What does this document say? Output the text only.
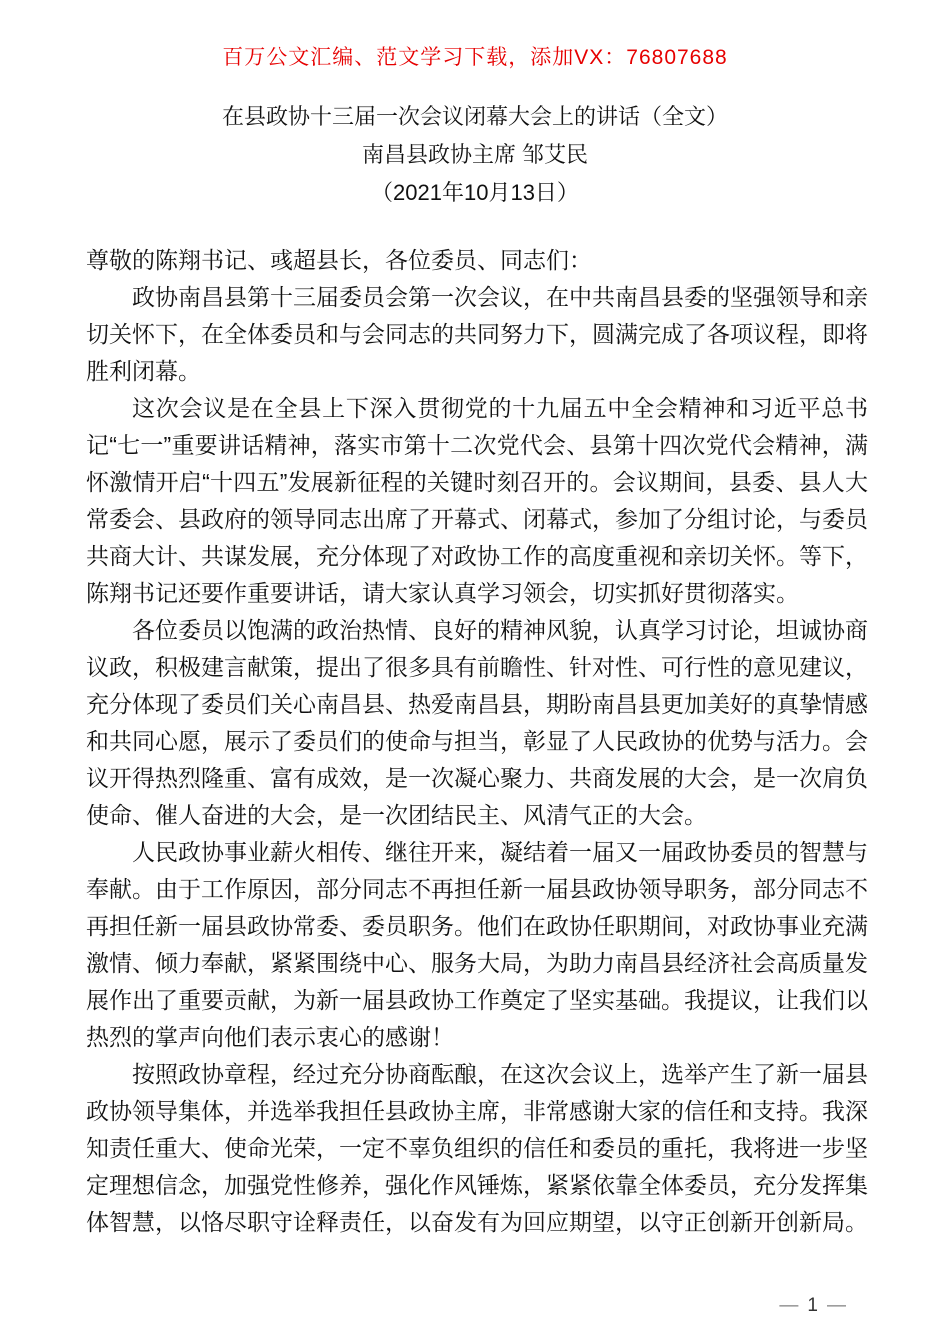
百万公文汇编、范文学习下载，添加VX：76807688
在县政协十三届一次会议闭幕大会上的讲话（全文）
南昌县政协主席 邹艾民
（2021年10月13日）

尊敬的陈翔书记、彧超县长，各位委员、同志们：

政协南昌县第十三届委员会第一次会议，在中共南昌县委的坚强领导和亲切关怀下，在全体委员和与会同志的共同努力下，圆满完成了各项议程，即将胜利闭幕。

这次会议是在全县上下深入贯彻党的十九届五中全会精神和习近平总书记“七一”重要讲话精神，落实市第十二次党代会、县第十四次党代会精神，满怀激情开启“十四五”发展新征程的关键时刻召开的。会议期间，县委、县人大常委会、县政府的领导同志出席了开幕式、闭幕式，参加了分组讨论，与委员共商大计、共谋发展，充分体现了对政协工作的高度重视和亲切关怀。等下，陈翔书记还要作重要讲话，请大家认真学习领会，切实抓好贯彻落实。

各位委员以饱满的政治热情、良好的精神风貌，认真学习讨论，坦诚协商议政，积极建言献策，提出了很多具有前瞻性、针对性、可行性的意见建议，充分体现了委员们关心南昌县、热爱南昌县，期盼南昌县更加美好的真挚情感和共同心愿，展示了委员们的使命与担当，彰显了人民政协的优势与活力。会议开得热烈隆重、富有成效，是一次凝心聚力、共商发展的大会，是一次肩负使命、催人奋进的大会，是一次团结民主、风清气正的大会。

人民政协事业薪火相传、继往开来，凝结着一届又一届政协委员的智慧与奉献。由于工作原因，部分同志不再担任新一届县政协领导职务，部分同志不再担任新一届县政协常委、委员职务。他们在政协任职期间，对政协事业充满激情、倾力奉献，紧紧围绕中心、服务大局，为助力南昌县经济社会高质量发展作出了重要贡献，为新一届县政协工作奠定了坚实基础。我提议，让我们以热烈的掌声向他们表示衷心的感谢！

按照政协章程，经过充分协商酝酿，在这次会议上，选举产生了新一届县政协领导集体，并选举我担任县政协主席，非常感谢大家的信任和支持。我深知责任重大、使命光荣，一定不辜负组织的信任和委员的重托，我将进一步坚定理想信念，加强党性修养，强化作风锤炼，紧紧依靠全体委员，充分发挥集体智慧，以恪尽职守诠释责任，以奋发有为回应期望，以守正创新开创新局。

— 1 —
